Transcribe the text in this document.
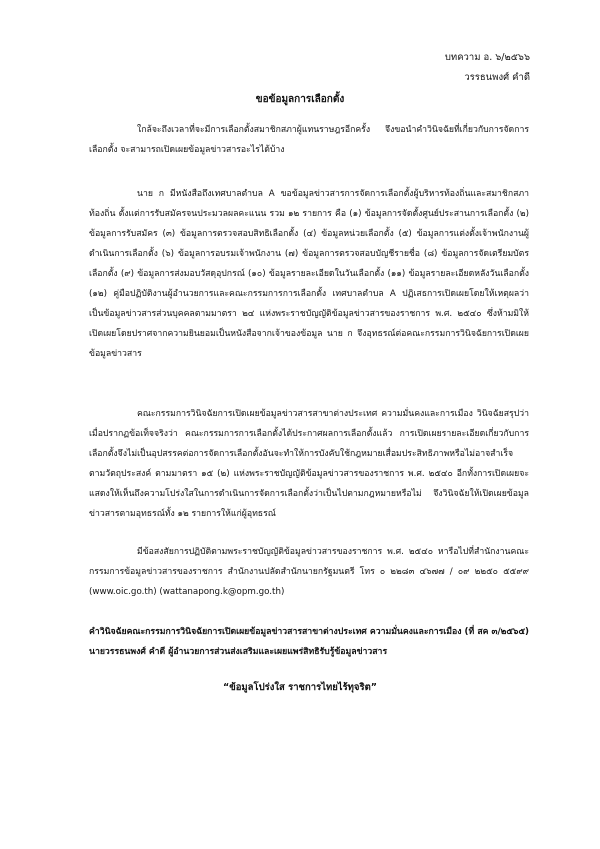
บทความ อ. ๖/๒๕๖๖
วรรธนพงศ์ คำดี
ขอข้อมูลการเลือกตั้ง
ใกล้จะถึงเวลาที่จะมีการเลือกตั้งสมาชิกสภาผู้แทนราษฎรอีกครั้ง จึงขอนำคำวินิจฉัยที่เกี่ยวกับการจัดการเลือกตั้ง จะสามารถเปิดเผยข้อมูลข่าวสารอะไรได้บ้าง
นาย ก มีหนังสือถึงเทศบาลตำบล A ขอข้อมูลข่าวสารการจัดการเลือกตั้งผู้บริหารท้องถิ่นและสมาชิกสภาท้องถิ่น ตั้งแต่การรับสมัครจนประมวลผลคะแนน รวม ๑๒ รายการ คือ (๑) ข้อมูลการจัดตั้งศูนย์ประสานการเลือกตั้ง (๒) ข้อมูลการรับสมัคร (๓) ข้อมูลการตรวจสอบสิทธิเลือกตั้ง (๔) ข้อมูลหน่วยเลือกตั้ง (๕) ข้อมูลการแต่งตั้งเจ้าพนักงานผู้ดำเนินการเลือกตั้ง (๖) ข้อมูลการอบรมเจ้าพนักงาน (๗) ข้อมูลการตรวจสอบบัญชีรายชื่อ (๘) ข้อมูลการจัดเตรียมบัตรเลือกตั้ง (๙) ข้อมูลการส่งมอบวัสดุอุปกรณ์ (๑๐) ข้อมูลรายละเอียดในวันเลือกตั้ง (๑๑) ข้อมูลรายละเอียดหลังวันเลือกตั้ง (๑๒) คู่มือปฏิบัติงานผู้อำนวยการและคณะกรรมการการเลือกตั้ง เทศบาลตำบล A ปฏิเสธการเปิดเผยโดยให้เหตุผลว่า เป็นข้อมูลข่าวสารส่วนบุคคลตามมาตรา ๒๔ แห่งพระราชบัญญัติข้อมูลข่าวสารของราชการ พ.ศ. ๒๕๔๐ ซึ่งห้ามมิให้เปิดเผยโดยปราศจากความยินยอมเป็นหนังสือจากเจ้าของข้อมูล นาย ก จึงอุทธรณ์ต่อคณะกรรมการวินิจฉัยการเปิดเผยข้อมูลข่าวสาร
คณะกรรมการวินิจฉัยการเปิดเผยข้อมูลข่าวสารสาขาต่างประเทศ ความมั่นคงและการเมือง วินิจฉัยสรุปว่า เมื่อปรากฏข้อเท็จจริงว่า คณะกรรมการการเลือกตั้งได้ประกาศผลการเลือกตั้งแล้ว การเปิดเผยรายละเอียดเกี่ยวกับการเลือกตั้งจึงไม่เป็นอุปสรรคต่อการจัดการเลือกตั้งอันจะทำให้การบังคับใช้กฎหมายเสื่อมประสิทธิภาพหรือไม่อาจสำเร็จตามวัตถุประสงค์ ตามมาตรา ๑๕ (๒) แห่งพระราชบัญญัติข้อมูลข่าวสารของราชการ พ.ศ. ๒๕๔๐ อีกทั้งการเปิดเผยจะแสดงให้เห็นถึงความโปร่งใสในการดำเนินการจัดการเลือกตั้งว่าเป็นไปตามกฎหมายหรือไม่ จึงวินิจฉัยให้เปิดเผยข้อมูลข่าวสารตามอุทธรณ์ทั้ง ๑๒ รายการให้แก่ผู้อุทธรณ์
มีข้อสงสัยการปฏิบัติตามพระราชบัญญัติข้อมูลข่าวสารของราชการ พ.ศ. ๒๕๔๐ หารือไปที่สำนักงานคณะกรรมการข้อมูลข่าวสารของราชการ สำนักงานปลัดสำนักนายกรัฐมนตรี โทร ๐ ๒๒๘๓ ๔๖๗๗ / ๐๙ ๒๒๕๐ ๕๕๙๙ (www.oic.go.th) (wattanapong.k@opm.go.th)
คำวินิจฉัยคณะกรรมการวินิจฉัยการเปิดเผยข้อมูลข่าวสารสาขาต่างประเทศ ความมั่นคงและการเมือง (ที่ สค ๓/๒๕๖๕) นายวรรธนพงศ์ คำดี ผู้อำนวยการส่วนส่งเสริมและเผยแพร่สิทธิรับรู้ข้อมูลข่าวสาร
“ข้อมูลโปร่งใส ราชการไทยไร้ทุจริต”
